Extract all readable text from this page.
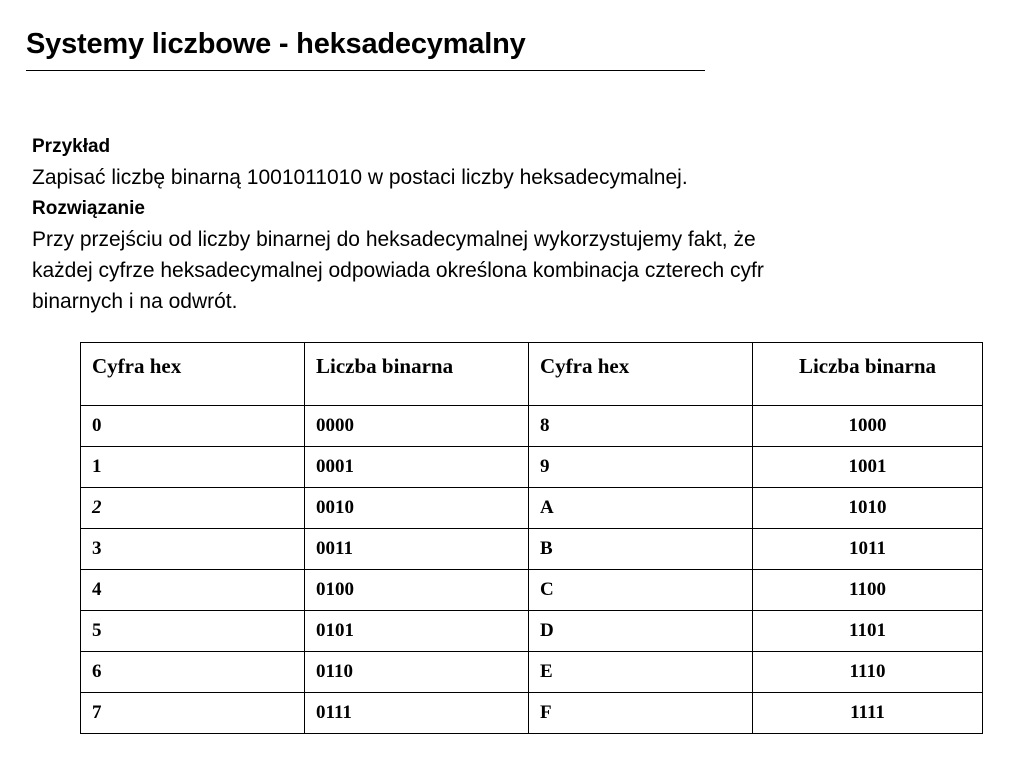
Systemy liczbowe - heksadecymalny

Przykład

Zapisać liczbę binarną 1001011010 w postaci liczby heksadecymalnej.

Rozwiązanie

Przy przejściu od liczby binarnej do heksadecymalnej wykorzystujemy fakt, że

każdej cyfrze heksadecymalnej odpowiada określona kombinacja czterech cyfr

binarnych i na odwrót.

Cyfra hex	Liczba binarna	Cyfra hex	Liczba binarna
0	0000	8	1000
1	0001	9	1001
2	0010	A	1010
3	0011	B	1011
4	0100	C	1100
5	0101	D	1101
6	0110	E	1110
7	0111	F	1111
